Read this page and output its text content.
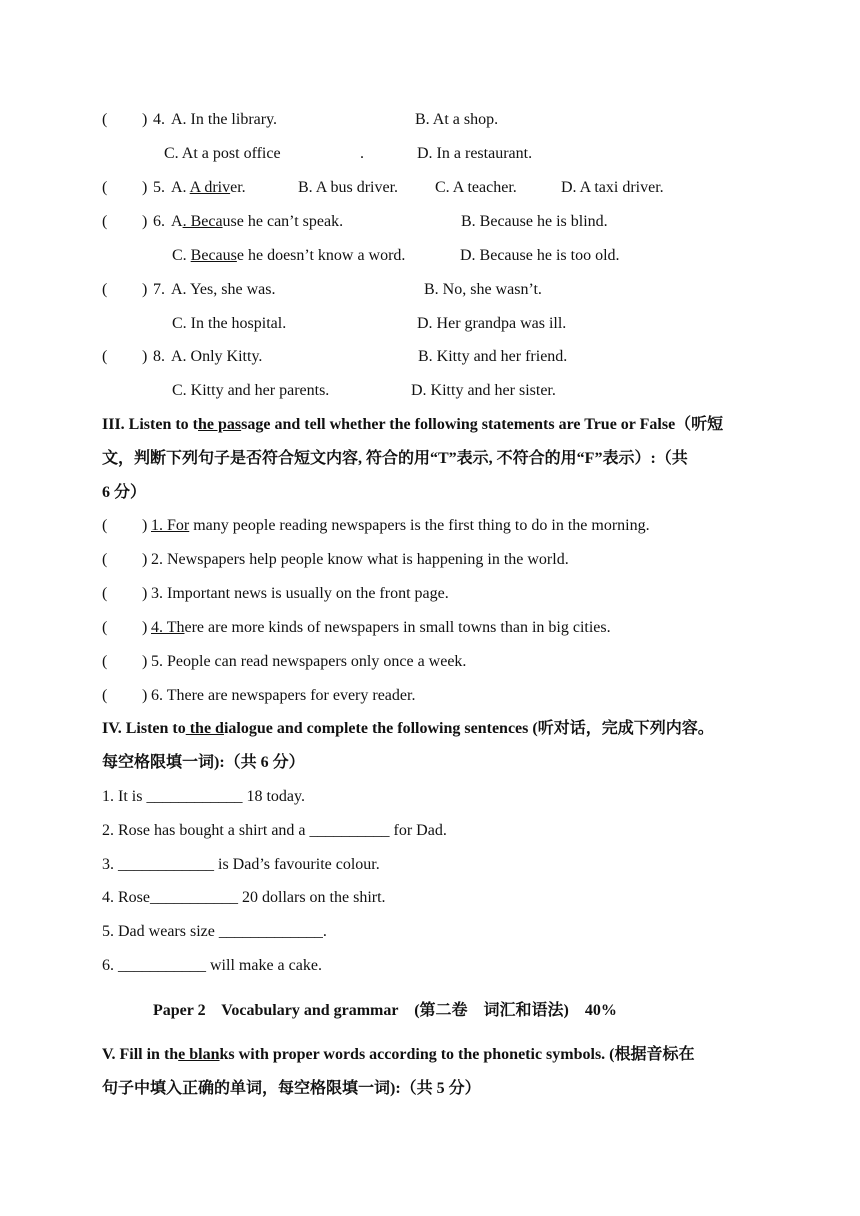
( ) 4. A. In the library.	B. At a shop.
C. At a post office	.	D. In a restaurant.
( ) 5. A. A driver.	B. A bus driver. C. A teacher.	D. A taxi driver.
( ) 6. A. Because he can’t speak.	B. Because he is blind.
C. Because he doesn’t know a word.	D. Because he is too old.
( ) 7. A. Yes, she was.	B. No, she wasn’t.
C. In the hospital.	D. Her grandpa was ill.
( ) 8. A. Only Kitty.	B. Kitty and her friend.
C. Kitty and her parents.	D. Kitty and her sister.
III. Listen to the passage and tell whether the following statements are True or False（听短
文，判断下列句子是否符合短文内容, 符合的用“T”表示, 不符合的用“F”表示）:（共
6 分）
( ) 1. For many people reading newspapers is the first thing to do in the morning.
( ) 2. Newspapers help people know what is happening in the world.
( ) 3. Important news is usually on the front page.
( ) 4. There are more kinds of newspapers in small towns than in big cities.
( ) 5. People can read newspapers only once a week.
( ) 6. There are newspapers for every reader.
IV. Listen to the dialogue and complete the following sentences (听对话，完成下列内容。
每空格限填一词):（共 6 分）
1. It is ____________ 18 today.
2. Rose has bought a shirt and a __________ for Dad.
3. ____________ is Dad’s favourite colour.
4. Rose___________ 20 dollars on the shirt.
5. Dad wears size _____________.
6. ___________ will make a cake.
Paper 2    Vocabulary and grammar    (第二卷    词汇和语法)    40%
V. Fill in the blanks with proper words according to the phonetic symbols. (根据音标在
句子中填入正确的单词，每空格限填一词):（共 5 分）
